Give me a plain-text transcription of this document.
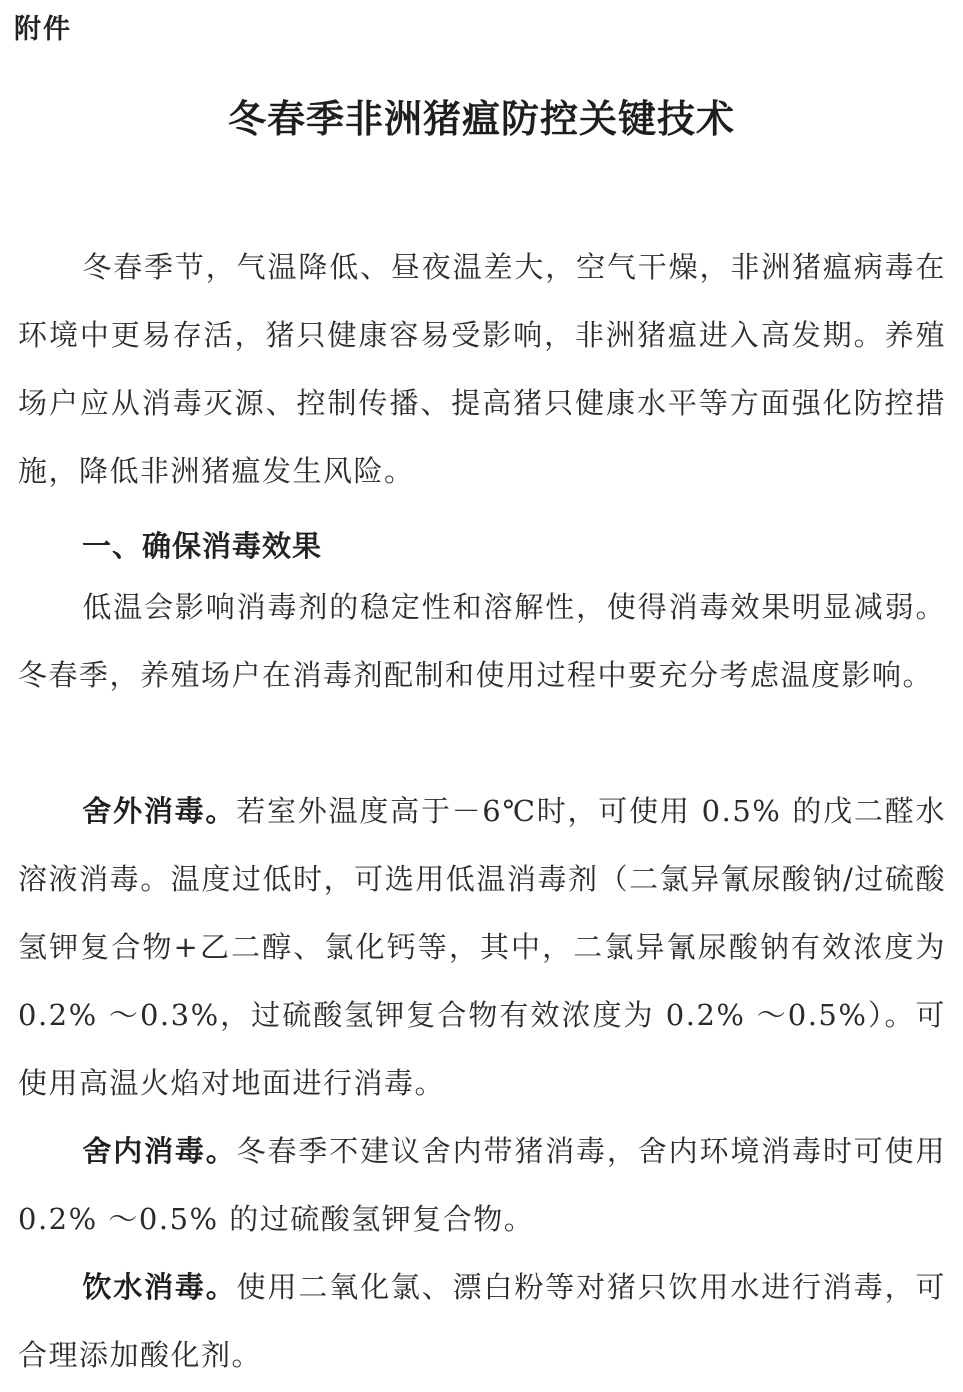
附件
冬春季非洲猪瘟防控关键技术

冬春季节，气温降低、昼夜温差大，空气干燥，非洲猪瘟病毒在环境中更易存活，猪只健康容易受影响，非洲猪瘟进入高发期。养殖场户应从消毒灭源、控制传播、提高猪只健康水平等方面强化防控措施，降低非洲猪瘟发生风险。

一、确保消毒效果

低温会影响消毒剂的稳定性和溶解性，使得消毒效果明显减弱。冬春季，养殖场户在消毒剂配制和使用过程中要充分考虑温度影响。

舍外消毒。若室外温度高于－6℃时，可使用 0.5% 的戊二醛水溶液消毒。温度过低时，可选用低温消毒剂（二氯异氰尿酸钠/过硫酸氢钾复合物+乙二醇、氯化钙等，其中，二氯异氰尿酸钠有效浓度为 0.2% ～0.3%，过硫酸氢钾复合物有效浓度为 0.2% ～0.5%）。可使用高温火焰对地面进行消毒。

舍内消毒。冬春季不建议舍内带猪消毒，舍内环境消毒时可使用 0.2% ～0.5% 的过硫酸氢钾复合物。

饮水消毒。使用二氧化氯、漂白粉等对猪只饮用水进行消毒，可合理添加酸化剂。
